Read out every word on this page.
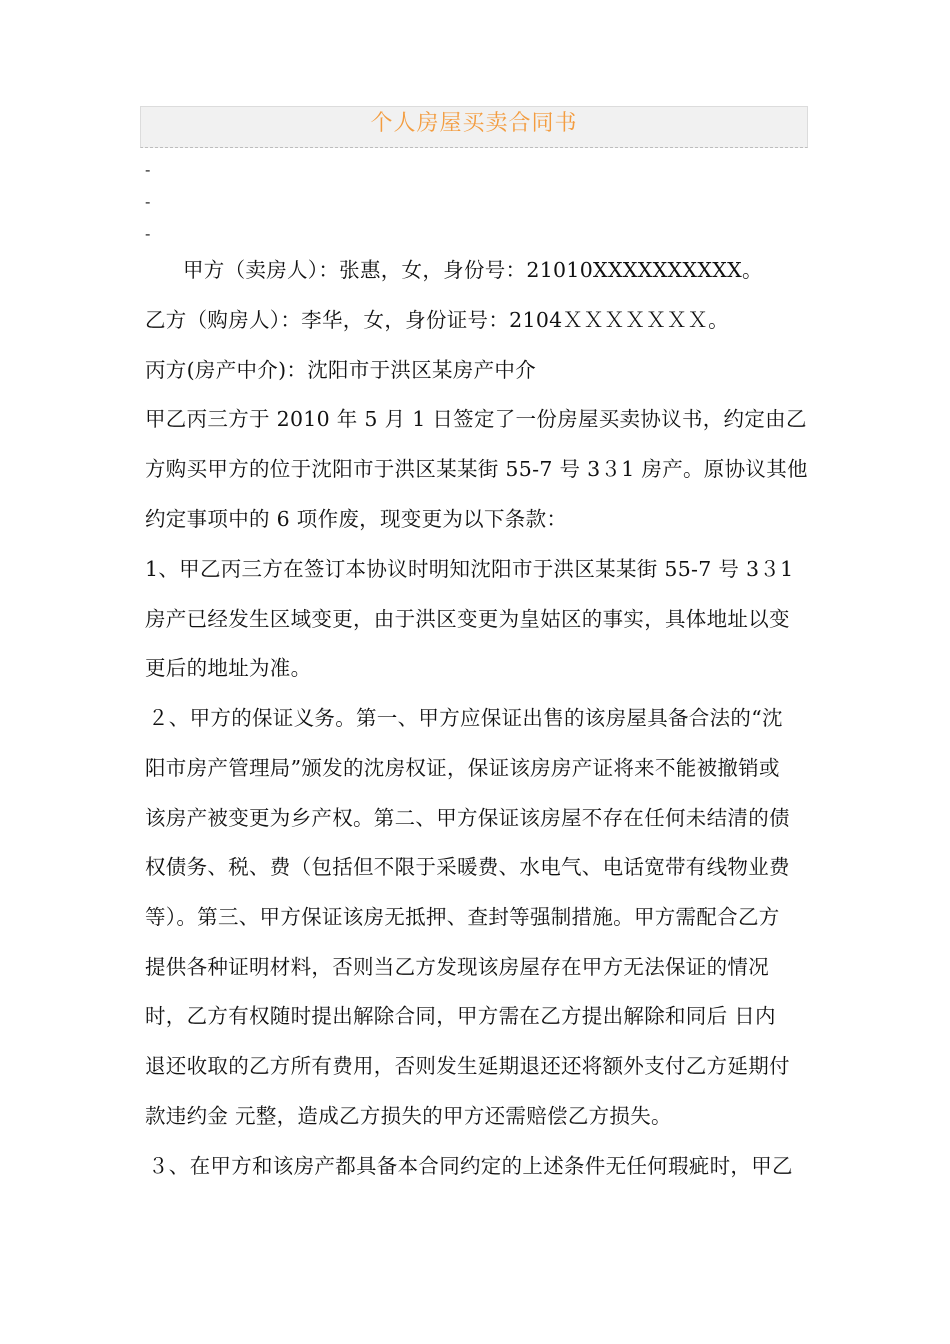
个人房屋买卖合同书
-
-
-
甲方（卖房人）：张惠，女，身份号：21010XXXXXXXXXX。
乙方（购房人）：李华，女，身份证号：2104ＸＸＸＸＸＸＸ。
丙方(房产中介)：沈阳市于洪区某房产中介
甲乙丙三方于 2010 年 5 月 1 日签定了一份房屋买卖协议书，约定由乙
方购买甲方的位于沈阳市于洪区某某街 55-7 号 3３1 房产。原协议其他
约定事项中的 6 项作废，现变更为以下条款：
1、甲乙丙三方在签订本协议时明知沈阳市于洪区某某街 55-7 号 3３1
房产已经发生区域变更，由于洪区变更为皇姑区的事实，具体地址以变
更后的地址为准。
２、甲方的保证义务。第一、甲方应保证出售的该房屋具备合法的“沈
阳市房产管理局”颁发的沈房权证，保证该房房产证将来不能被撤销或
该房产被变更为乡产权。第二、甲方保证该房屋不存在任何未结清的债
权债务、税、费（包括但不限于采暖费、水电气、电话宽带有线物业费
等）。第三、甲方保证该房无抵押、查封等强制措施。甲方需配合乙方
提供各种证明材料，否则当乙方发现该房屋存在甲方无法保证的情况
时，乙方有权随时提出解除合同，甲方需在乙方提出解除和同后 日内
退还收取的乙方所有费用，否则发生延期退还还将额外支付乙方延期付
款违约金 元整，造成乙方损失的甲方还需赔偿乙方损失。
３、在甲方和该房产都具备本合同约定的上述条件无任何瑕疵时，甲乙
